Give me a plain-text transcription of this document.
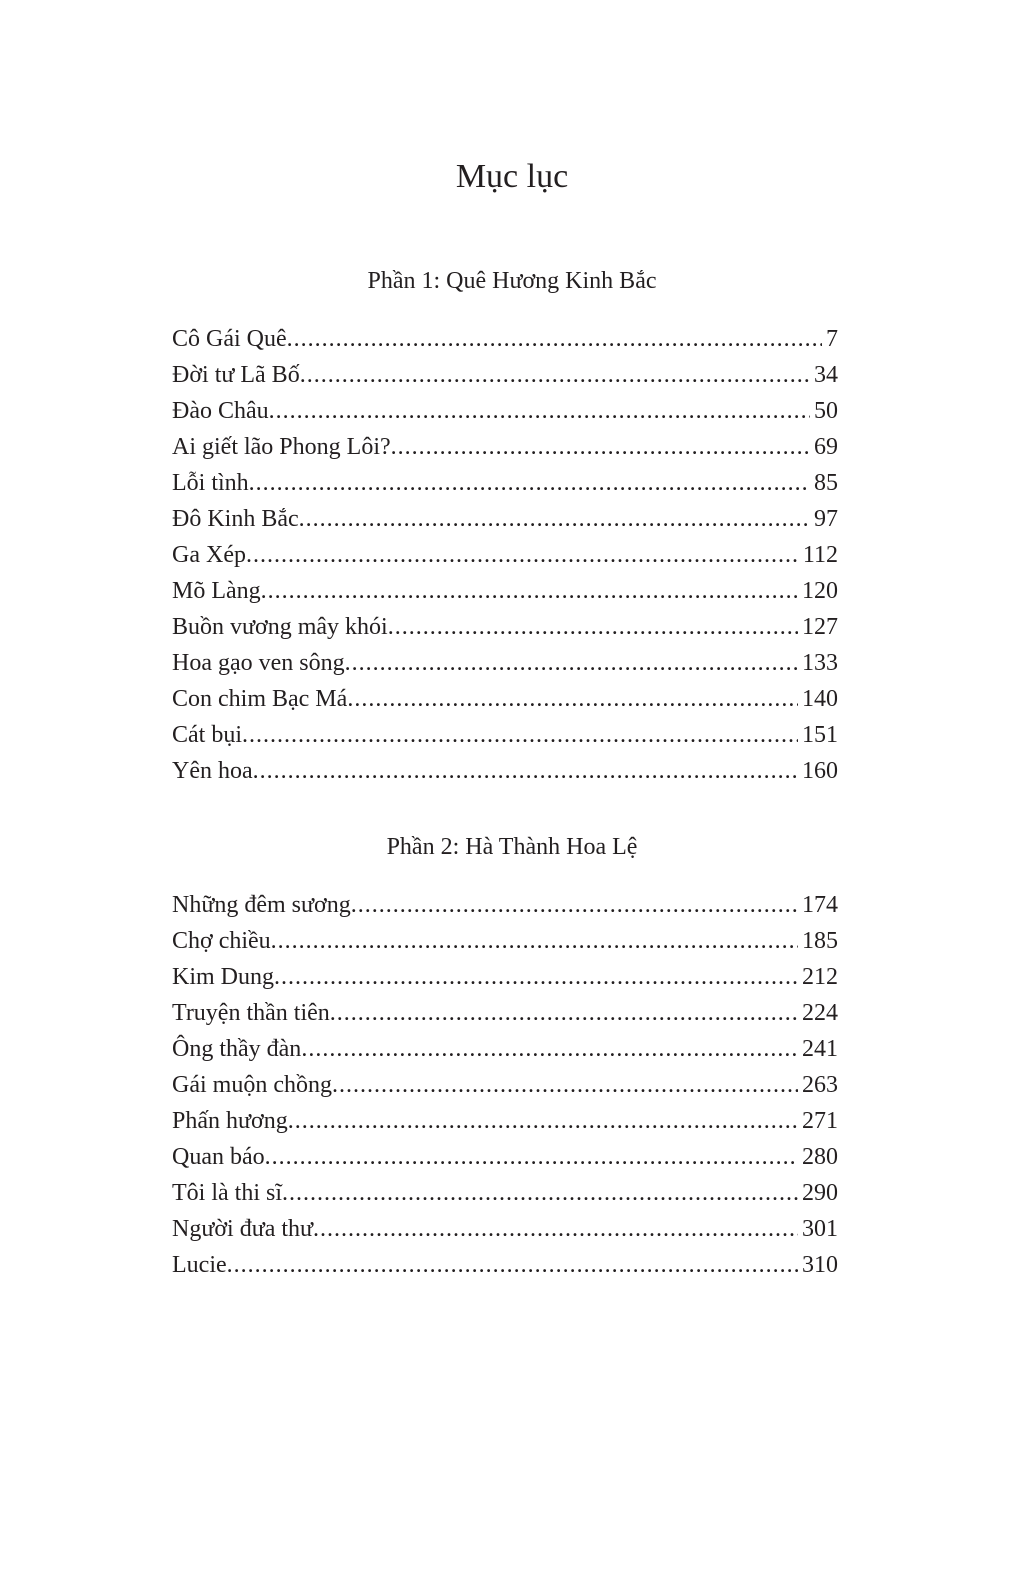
Mục lục
Phần 1: Quê Hương Kinh Bắc
Cô Gái Quê .....	7
Đời tư Lã Bố .....	34
Đào Châu .....	50
Ai giết lão Phong Lôi? .....	69
Lỗi tình .....	85
Đô Kinh Bắc .....	97
Ga Xép .....	112
Mõ Làng .....	120
Buồn vương mây khói .....	127
Hoa gạo ven sông .....	133
Con chim Bạc Má .....	140
Cát bụi .....	151
Yên hoa .....	160
Phần 2: Hà Thành Hoa Lệ
Những đêm sương .....	174
Chợ chiều .....	185
Kim Dung .....	212
Truyện thần tiên .....	224
Ông thầy đàn .....	241
Gái muộn chồng .....	263
Phấn hương .....	271
Quan báo .....	280
Tôi là thi sĩ .....	290
Người đưa thư .....	301
Lucie .....	310
